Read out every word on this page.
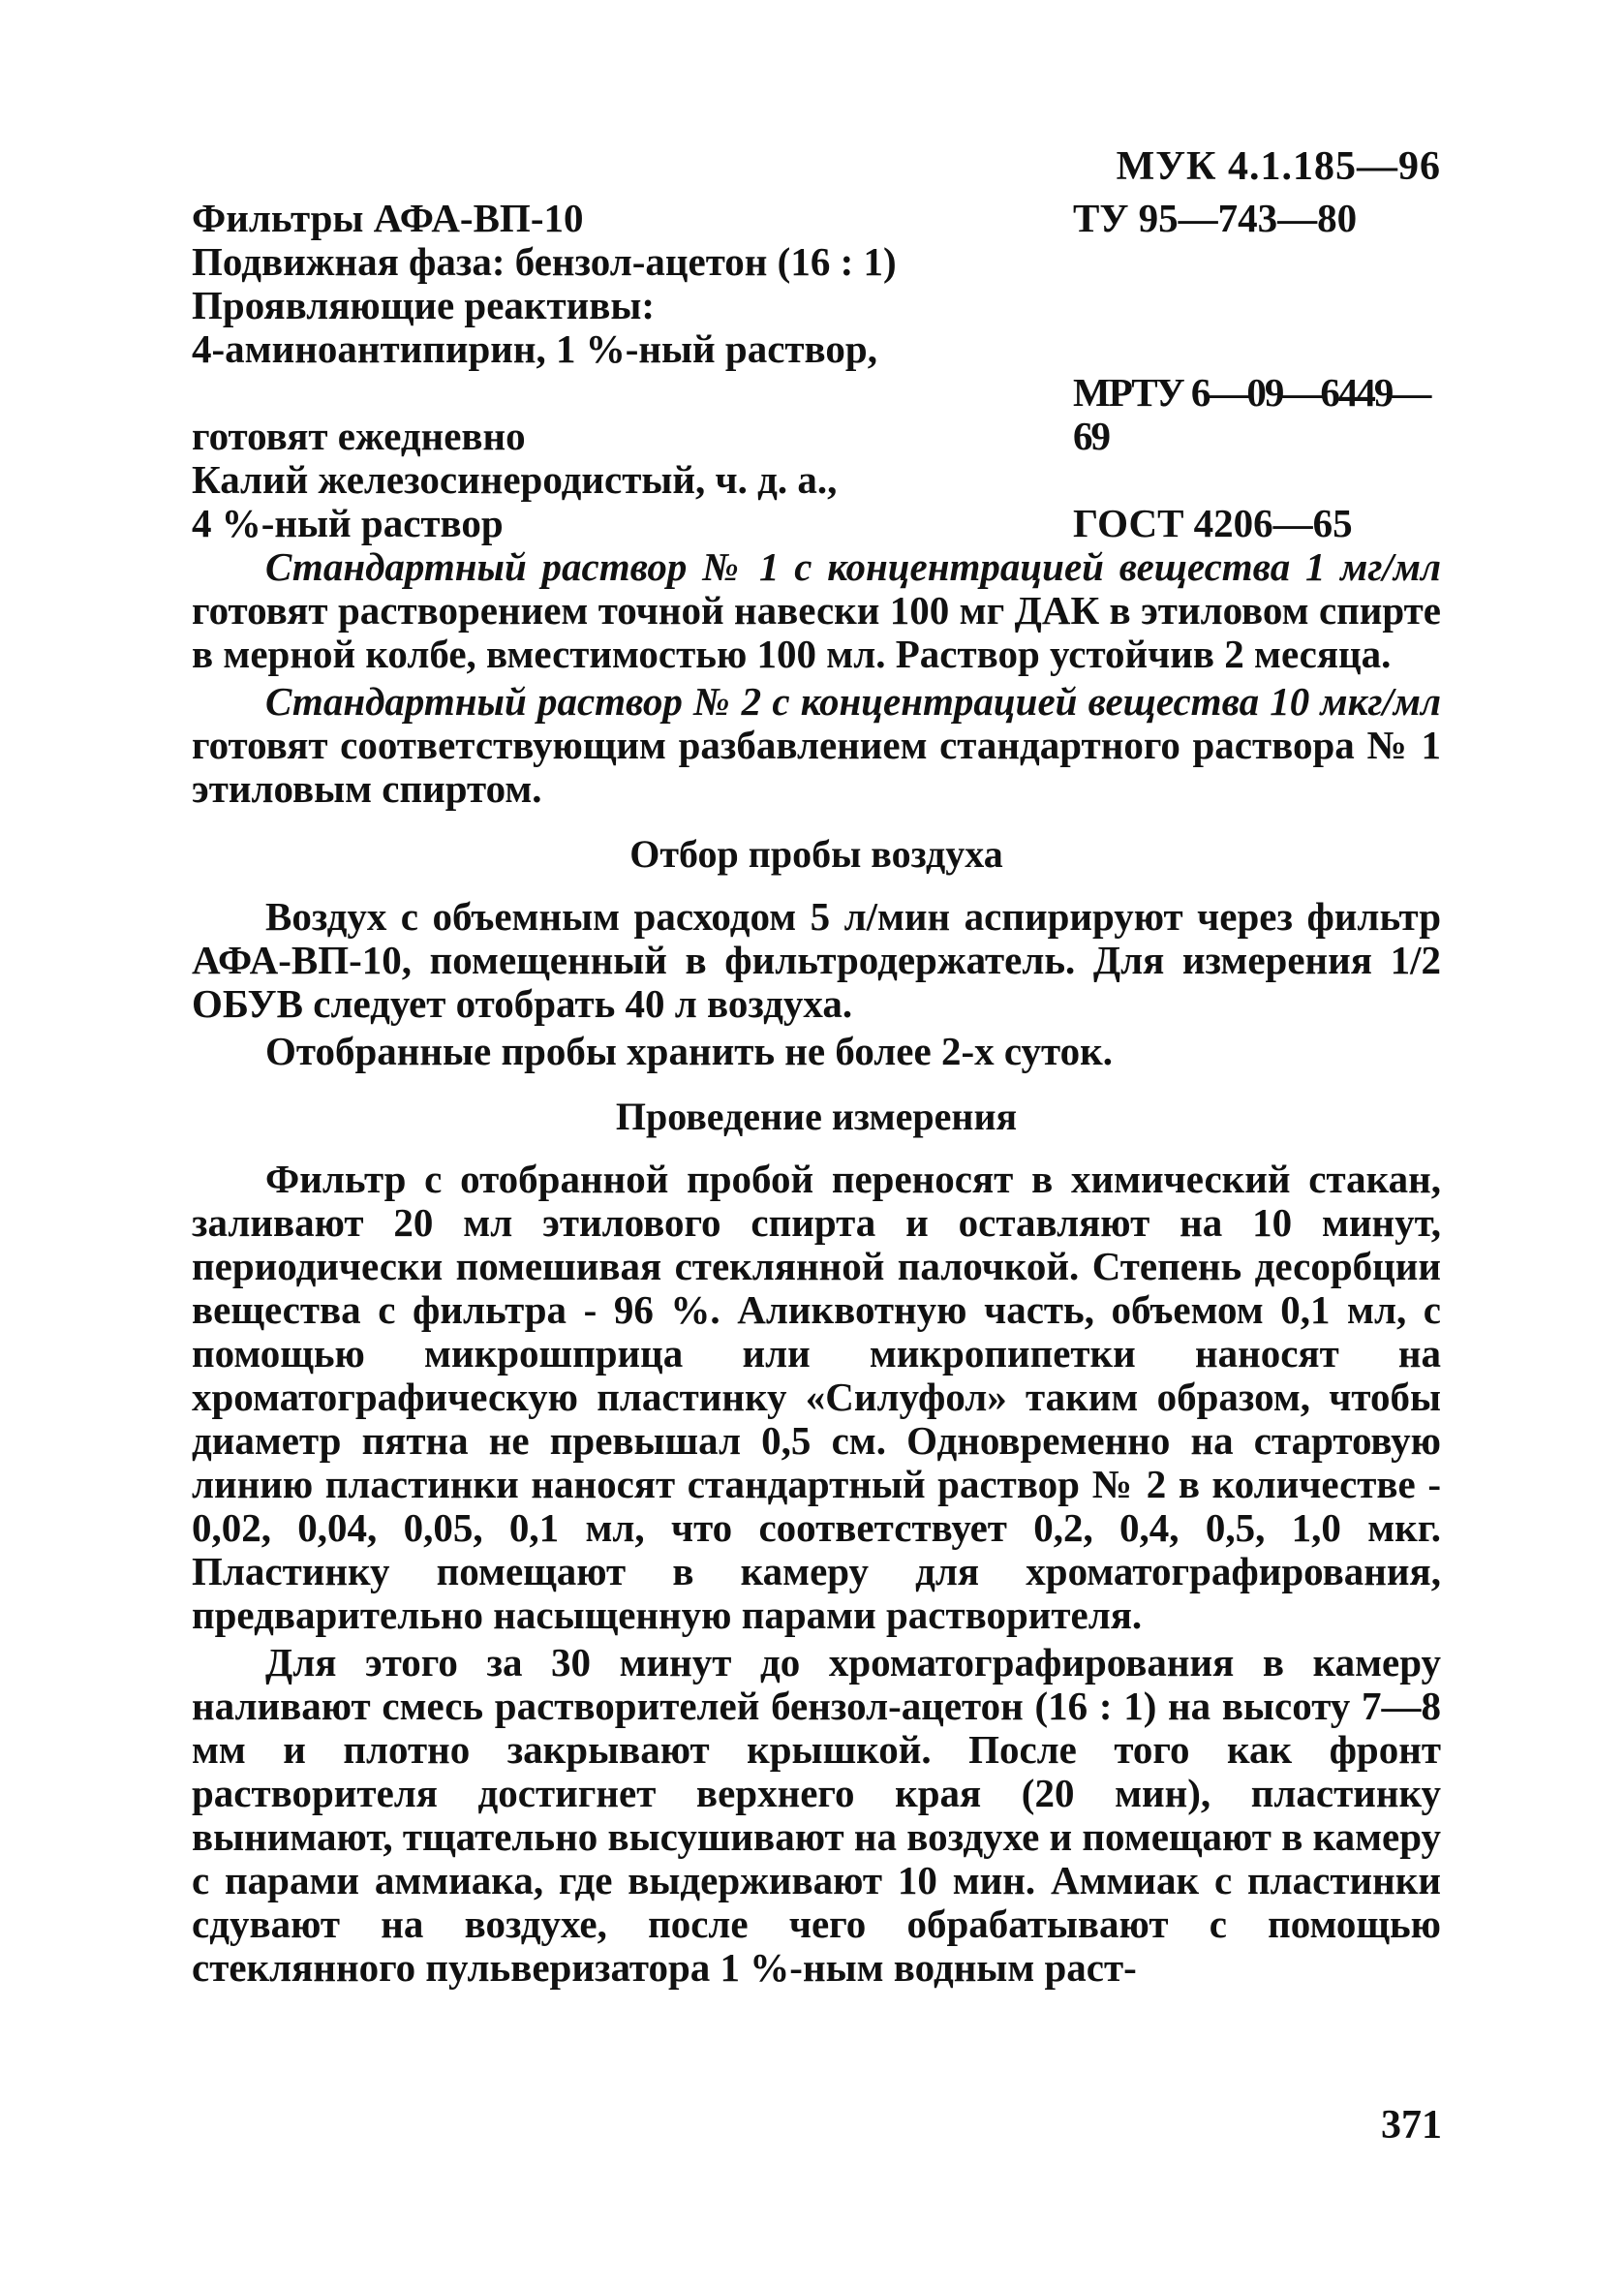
МУК 4.1.185—96
Фильтры АФА-ВП-10	ТУ 95—743—80
Подвижная фаза: бензол-ацетон (16 : 1)
Проявляющие реактивы:
4-аминоантипирин, 1 %-ный раствор,
готовят ежедневно
МРТУ 6—09—6449—69
Калий железосинеродистый, ч. д. а.,
4 %-ный раствор	ГОСТ 4206—65

Стандартный раствор № 1 с концентрацией вещества 1 мг/мл готовят растворением точной навески 100 мг ДАК в этиловом спирте в мерной колбе, вместимостью 100 мл. Раствор устойчив 2 месяца.

Стандартный раствор № 2 с концентрацией вещества 10 мкг/мл готовят соответствующим разбавлением стандартного раствора № 1 этиловым спиртом.

Отбор пробы воздуха

Воздух с объемным расходом 5 л/мин аспирируют через фильтр АФА-ВП-10, помещенный в фильтродержатель. Для измерения 1/2 ОБУВ следует отобрать 40 л воздуха.

Отобранные пробы хранить не более 2-х суток.

Проведение измерения

Фильтр с отобранной пробой переносят в химический стакан, заливают 20 мл этилового спирта и оставляют на 10 минут, периодически помешивая стеклянной палочкой. Степень десорбции вещества с фильтра - 96 %. Аликвотную часть, объемом 0,1 мл, с помощью микрошприца или микропипетки наносят на хроматографическую пластинку «Силуфол» таким образом, чтобы диаметр пятна не превышал 0,5 см. Одновременно на стартовую линию пластинки наносят стандартный раствор № 2 в количестве - 0,02, 0,04, 0,05, 0,1 мл, что соответствует 0,2, 0,4, 0,5, 1,0 мкг. Пластинку помещают в камеру для хроматографирования, предварительно насыщенную парами растворителя.

Для этого за 30 минут до хроматографирования в камеру наливают смесь растворителей бензол-ацетон (16 : 1) на высоту 7—8 мм и плотно закрывают крышкой. После того как фронт растворителя достигнет верхнего края (20 мин), пластинку вынимают, тщательно высушивают на воздухе и помещают в камеру с парами аммиака, где выдерживают 10 мин. Аммиак с пластинки сдувают на воздухе, после чего обрабатывают с помощью стеклянного пульверизатора 1 %-ным водным раст-

371
